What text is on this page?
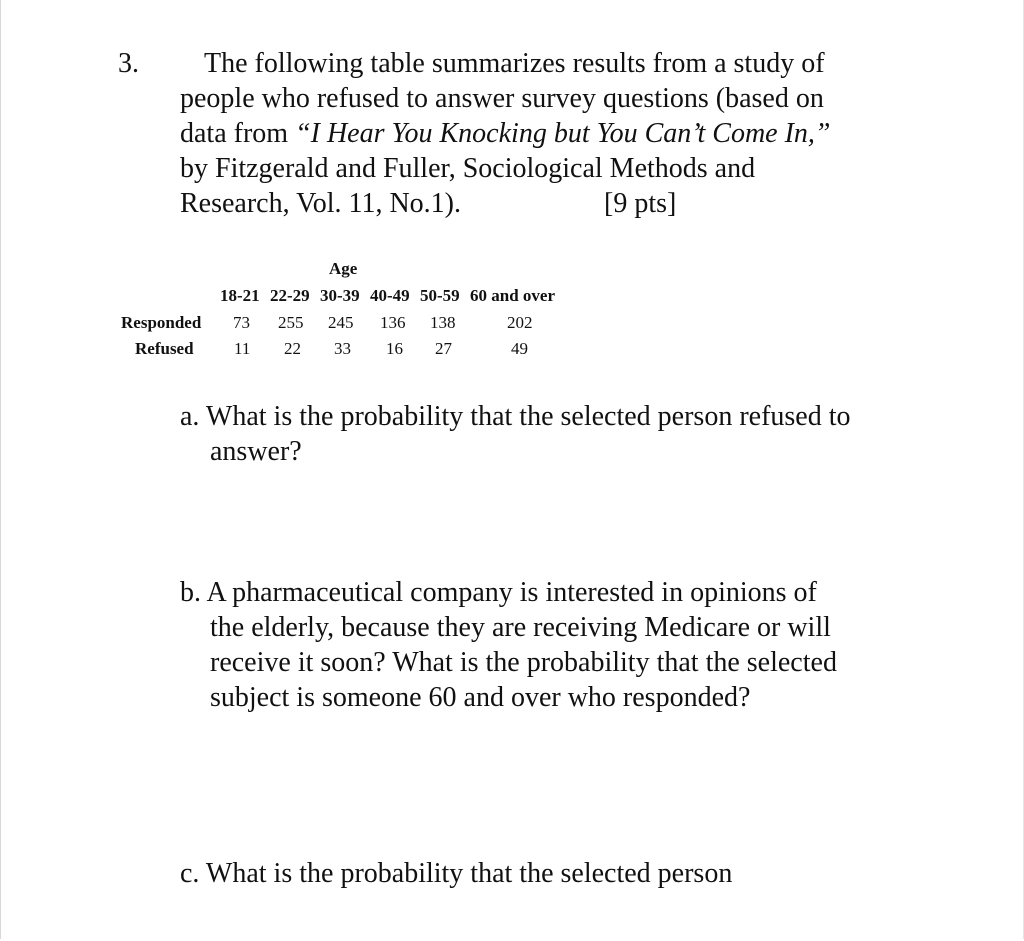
3.	The following table summarizes results from a study of
people who refused to answer survey questions (based on
data from “I Hear You Knocking but You Can’t Come In,”
by Fitzgerald and Fuller, Sociological Methods and
Research, Vol. 11, No.1).	[9 pts]
Age
18-21 22-29 30-39 40-49 50-59 60 and over
Responded 73 255 245 136 138	202
Refused 11 22 33 16 27	49
a. What is the probability that the selected person refused to
answer?
b. A pharmaceutical company is interested in opinions of
the elderly, because they are receiving Medicare or will
receive it soon? What is the probability that the selected
subject is someone 60 and over who responded?
c. What is the probability that the selected person
